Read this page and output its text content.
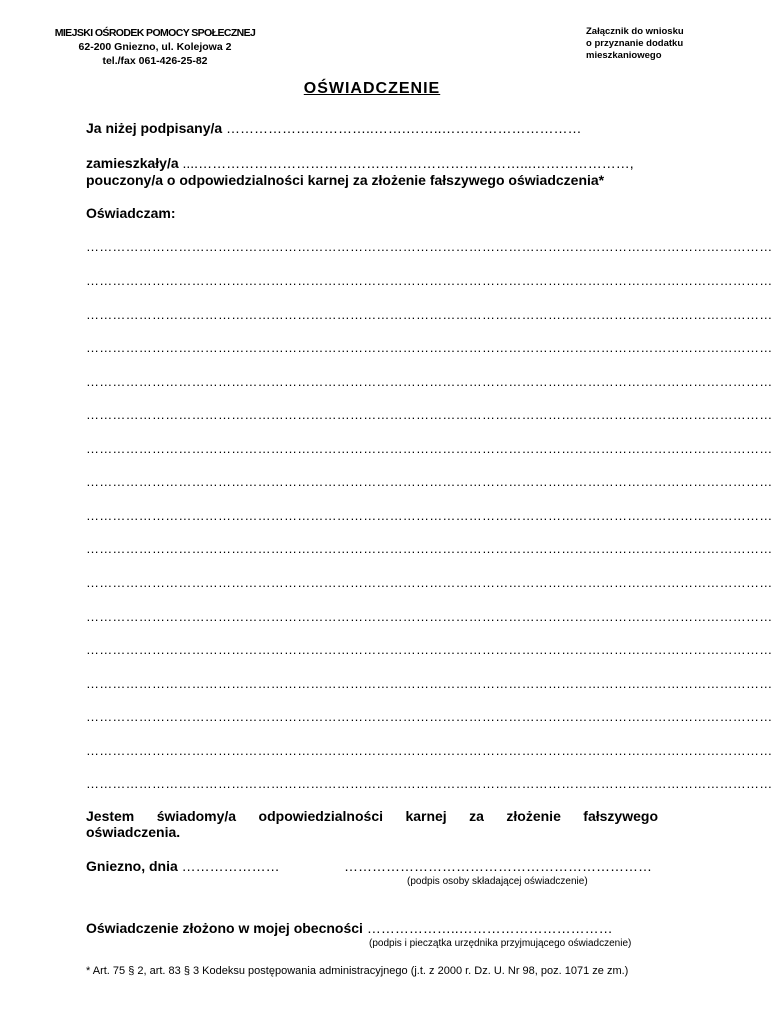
MIEJSKI OŚRODEK POMOCY SPOŁECZNEJ
62-200 Gniezno, ul. Kolejowa 2
tel./fax 061-426-25-82
Załącznik do wniosku
o przyznanie dodatku
mieszkaniowego
OŚWIADCZENIE
Ja niżej podpisany/a …………………………..…….……..…………………………
zamieszkały/a ....……………………………………………………………...…………………,
pouczony/a o odpowiedzialności karnej za złożenie fałszywego oświadczenia*
Oświadczam:
…………………………………………………………………………………………………………………………………………
…………………………………………………………………………………………………………………………………………
…………………………………………………………………………………………………………………………………………
…………………………………………………………………………………………………………………………………………
…………………………………………………………………………………………………………………………………………
…………………………………………………………………………………………………………………………………………
…………………………………………………………………………………………………………………………………………
…………………………………………………………………………………………………………………………………………
…………………………………………………………………………………………………………………………………………
…………………………………………………………………………………………………………………………………………
…………………………………………………………………………………………………………………………………………
…………………………………………………………………………………………………………………………………………
…………………………………………………………………………………………………………………………………………
…………………………………………………………………………………………………………………………………………
…………………………………………………………………………………………………………………………………………
…………………………………………………………………………………………………………………………………………
…………………………………………………………………………………………………………………………………………
Jestem świadomy/a odpowiedzialności karnej za złożenie fałszywego
oświadczenia.
Gniezno, dnia …………………	…………………………………………………………
(podpis osoby składającej oświadczenie)
Oświadczenie złożono w mojej obecności ………………..……………………………
(podpis i pieczątka urzędnika przyjmującego oświadczenie)
* Art. 75 § 2, art. 83 § 3 Kodeksu postępowania administracyjnego (j.t. z 2000 r. Dz. U. Nr 98, poz. 1071 ze zm.)
